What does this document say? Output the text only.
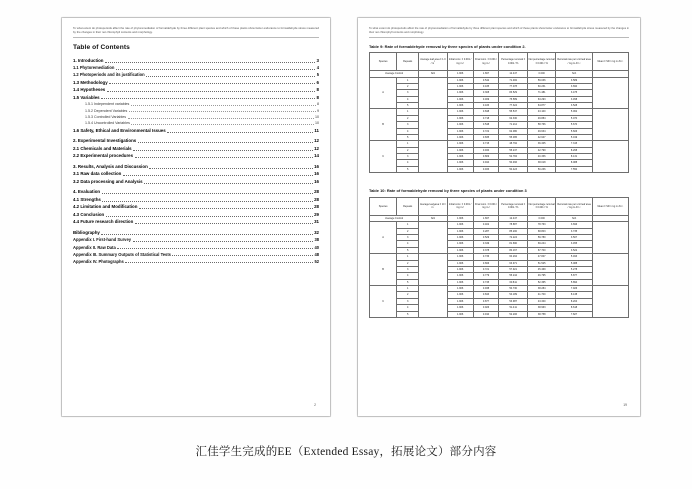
To what extent do photoperiods affect the rate of phytoremediation of formaldehyde by three different plant species and which of these plants show better endurance to formaldehyde stress measured by the changes in their net chlorophyll contents and morphology.
Table of Contents
1. Introduction	3
1.1 Phytoremediation	4
1.2 Photoperiods and its justification	5
1.3 Methodology	6
1.4 Hypotheses	8
1.5 Variables	8
1.5.1 Independent variables	8
1.5.2 Dependent Variables	9
1.5.3 Controlled Variables	10
1.5.4 Uncontrolled Variables	10
1.6 Safety, Ethical and Environmental Issues	11
2. Experimental Investigations	12
2.1 Chemicals and Materials	12
2.2 Experimental procedures	14
3. Results, Analysis and Discussion	16
3.1 Raw data collection	16
3.2 Data processing and Analysis	16
4. Evaluation	28
4.1 Strengths	28
4.2 Limitation and Modification	28
4.3 Conclusion	29
4.4 Future research direction	31
Bibliography	32
Appendix I. First-hand Survey	38
Appendix II. Raw Data	40
Appendix III. Summary Outputs of Statistical Tests	48
Appendix IV. Photographs	52
2
To what extent do photoperiods affect the rate of phytoremediation of formaldehyde by three different plant species and which of these plants show better endurance to formaldehyde stress measured by the changes in their net chlorophyll contents and morphology.
Table 9: Rate of formaldehyde removal by three species of plants under condition 2.
Species	Repeats	Average leaf area ± $1.0 / m^2$	Initial conc. ± 0.001 / mg m-³	Final conc. ± 0.001 / mg m-³	Percentage removal ± 0.001 / %	Net percentage removal ± 0.001 / %	Removal rate per unit leaf area / mg m-²hr-¹	Mean ± SD / mg m-²hr-¹
Average Control		N/A	1.906	1.667	12.447	0.000	N/A	
A	1		1.906	0.542	71.482	59.036	3.589	
	2		1.906	0.435	77.078	60.231	3.690	
	3		1.906	0.308	83.529	71.481	3.475	
	4		1.906	0.469	75.589	63.293	3.458	
	5		1.906	0.433	77.324	64.877	3.528	
B	1		1.906	0.848	55.547	43.100	5.062	
	2		1.906	0.718	62.330	49.884	5.070	
	3		1.906	0.548	71.212	58.766	5.670	
	4		1.906	0.722	62.080	49.634	5.606	
	5		1.906	0.835	55.095	42.647	5.019	
C	1		1.906	0.715	48.792	36.345	7.315	
	2		1.906	0.934	55.247	42.799	8.268	
	3		1.906	0.809	52.784	40.336	8.131	
	4		1.906	0.944	50.466	38.018	8.088	
	5		1.906	0.933	50.423	50.236	7.550	
Table 10: Rate of formaldehyde removal by three species of plants under condition 3
Species	Repeats	Average leaf area ± $10 / m^2$	Initial conc. ± 0.001 / mg m-³	Final conc. ± 0.001 / mg m-³	Percentage removal ± 0.001 / %	Net percentage removal ± 0.001 / %	Removal rate per unit leaf area / mg m-²hr-¹	Mean ± SD / mg m-²hr-¹
Average Control		N/A	1.906	1.667	12.447	0.000	N/A	
A	1		1.906	0.402	78.887	78.763	3.696	
	2		1.906	0.287	85.200	68.803	3.735	
	3		1.906	0.529	72.224	59.780	3.507	
	4		1.906	0.349	81.690	69.244	3.455	
	5		1.906	0.378	80.167	67.700	3.522	
B	1		1.906	0.736	60.294	47.847	5.493	
	2		1.906	0.666	63.971	51.525	5.088	
	3		1.906	0.721	57.921	45.469	5.278	
	4		1.906	0.779	55.244	46.795	5.877	
	5		1.906	0.745	60.811	52.365	5.894	
C	1		1.906	0.938	50.730	38.284	7.926	
	2		1.906	0.843	54.189	41.700	8.138	
	3		1.906	0.877	53.987	43.340	8.204	
	4		1.906	0.926	51.411	38.963	8.618	
	5		1.906	0.910	52.206	38.758	7.827	
19
汇佳学生完成的EE（Extended Essay，拓展论文）部分内容
